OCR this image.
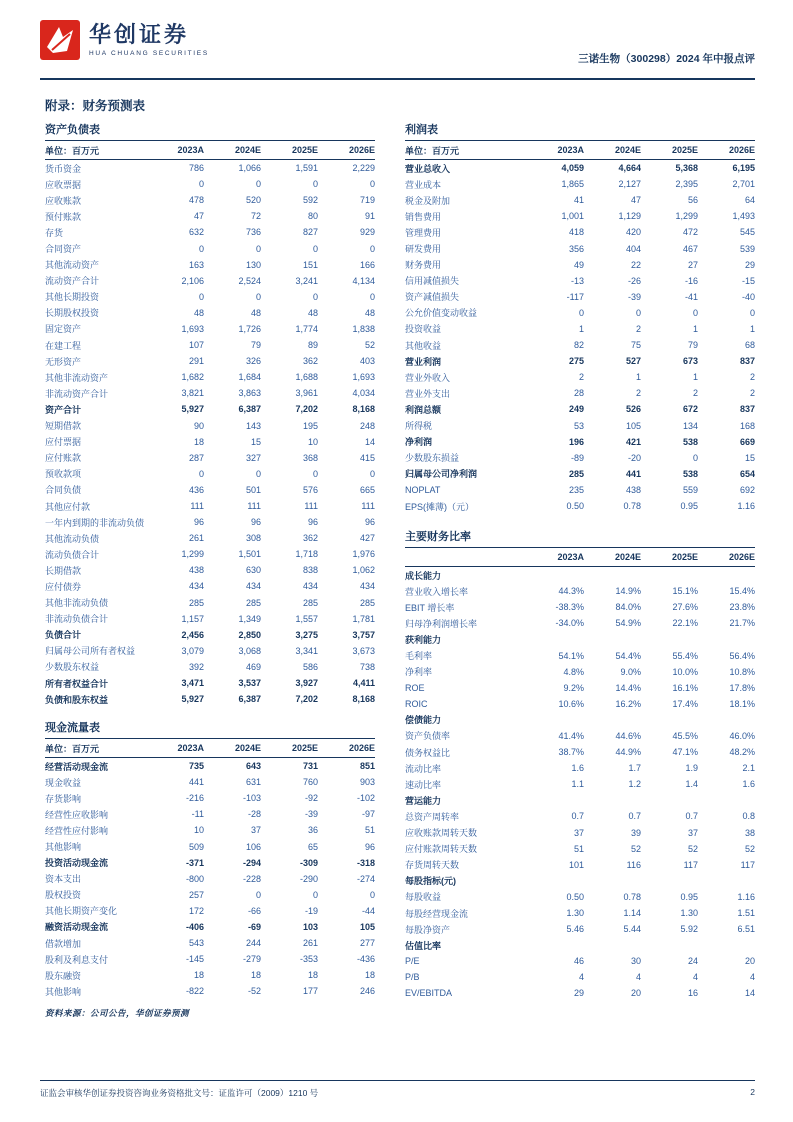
华创证券
HUA CHUANG SECURITIES	三诺生物（300298）2024 年中报点评
附录：财务预测表
资产负债表
单位：百万元	2023A	2024E	2025E	2026E
货币资金	786	1,066	1,591	2,229
应收票据	0	0	0	0
应收账款	478	520	592	719
预付账款	47	72	80	91
存货	632	736	827	929
合同资产	0	0	0	0
其他流动资产	163	130	151	166
流动资产合计	2,106	2,524	3,241	4,134
其他长期投资	0	0	0	0
长期股权投资	48	48	48	48
固定资产	1,693	1,726	1,774	1,838
在建工程	107	79	89	52
无形资产	291	326	362	403
其他非流动资产	1,682	1,684	1,688	1,693
非流动资产合计	3,821	3,863	3,961	4,034
资产合计	5,927	6,387	7,202	8,168
短期借款	90	143	195	248
应付票据	18	15	10	14
应付账款	287	327	368	415
预收款项	0	0	0	0
合同负债	436	501	576	665
其他应付款	111	111	111	111
一年内到期的非流动负债	96	96	96	96
其他流动负债	261	308	362	427
流动负债合计	1,299	1,501	1,718	1,976
长期借款	438	630	838	1,062
应付债券	434	434	434	434
其他非流动负债	285	285	285	285
非流动负债合计	1,157	1,349	1,557	1,781
负债合计	2,456	2,850	3,275	3,757
归属母公司所有者权益	3,079	3,068	3,341	3,673
少数股东权益	392	469	586	738
所有者权益合计	3,471	3,537	3,927	4,411
负债和股东权益	5,927	6,387	7,202	8,168
利润表
单位：百万元	2023A	2024E	2025E	2026E
营业总收入	4,059	4,664	5,368	6,195
营业成本	1,865	2,127	2,395	2,701
税金及附加	41	47	56	64
销售费用	1,001	1,129	1,299	1,493
管理费用	418	420	472	545
研发费用	356	404	467	539
财务费用	49	22	27	29
信用减值损失	-13	-26	-16	-15
资产减值损失	-117	-39	-41	-40
公允价值变动收益	0	0	0	0
投资收益	1	2	1	1
其他收益	82	75	79	68
营业利润	275	527	673	837
营业外收入	2	1	1	2
营业外支出	28	2	2	2
利润总额	249	526	672	837
所得税	53	105	134	168
净利润	196	421	538	669
少数股东损益	-89	-20	0	15
归属母公司净利润	285	441	538	654
NOPLAT	235	438	559	692
EPS(摊薄)（元）	0.50	0.78	0.95	1.16
主要财务比率
2023A	2024E	2025E	2026E
成长能力
营业收入增长率	44.3%	14.9%	15.1%	15.4%
EBIT 增长率	-38.3%	84.0%	27.6%	23.8%
归母净利润增长率	-34.0%	54.9%	22.1%	21.7%
获利能力
毛利率	54.1%	54.4%	55.4%	56.4%
净利率	4.8%	9.0%	10.0%	10.8%
ROE	9.2%	14.4%	16.1%	17.8%
ROIC	10.6%	16.2%	17.4%	18.1%
偿债能力
资产负债率	41.4%	44.6%	45.5%	46.0%
债务权益比	38.7%	44.9%	47.1%	48.2%
流动比率	1.6	1.7	1.9	2.1
速动比率	1.1	1.2	1.4	1.6
营运能力
总资产周转率	0.7	0.7	0.7	0.8
应收账款周转天数	37	39	37	38
应付账款周转天数	51	52	52	52
存货周转天数	101	116	117	117
每股指标(元)
每股收益	0.50	0.78	0.95	1.16
每股经营现金流	1.30	1.14	1.30	1.51
每股净资产	5.46	5.44	5.92	6.51
估值比率
P/E	46	30	24	20
P/B	4	4	4	4
EV/EBITDA	29	20	16	14
现金流量表
单位：百万元	2023A	2024E	2025E	2026E
经营活动现金流	735	643	731	851
现金收益	441	631	760	903
存货影响	-216	-103	-92	-102
经营性应收影响	-11	-28	-39	-97
经营性应付影响	10	37	36	51
其他影响	509	106	65	96
投资活动现金流	-371	-294	-309	-318
资本支出	-800	-228	-290	-274
股权投资	257	0	0	0
其他长期资产变化	172	-66	-19	-44
融资活动现金流	-406	-69	103	105
借款增加	543	244	261	277
股利及利息支付	-145	-279	-353	-436
股东融资	18	18	18	18
其他影响	-822	-52	177	246
资料来源：公司公告，华创证券预测
证监会审核华创证券投资咨询业务资格批文号：证监许可（2009）1210 号	2
